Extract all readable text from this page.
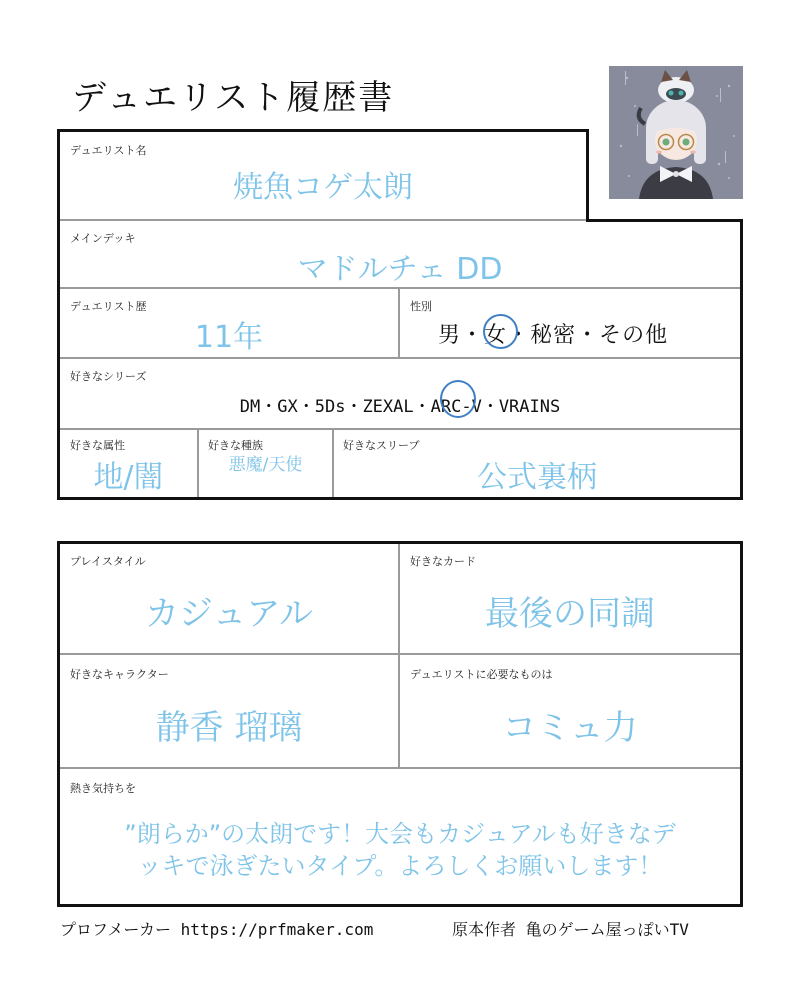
デュエリスト履歴書
デュエリスト名
焼魚コゲ太朗
メインデッキ
マドルチェ DD
デュエリスト歴
11年
性別
男・女・秘密・その他
好きなシリーズ
DM・GX・5Ds・ZEXAL・ARC-V・VRAINS
好きな属性
地/闇
好きな種族
悪魔/天使
好きなスリーブ
公式裏柄
プレイスタイル
カジュアル
好きなカード
最後の同調
好きなキャラクター
静香 瑠璃
デュエリストに必要なものは
コミュ力
熱き気持ちを
”朗らか”の太朗です！大会もカジュアルも好きなデ
ッキで泳ぎたいタイプ。よろしくお願いします！
プロフメーカー https://prfmaker.com	原本作者 亀のゲーム屋っぽいTV
